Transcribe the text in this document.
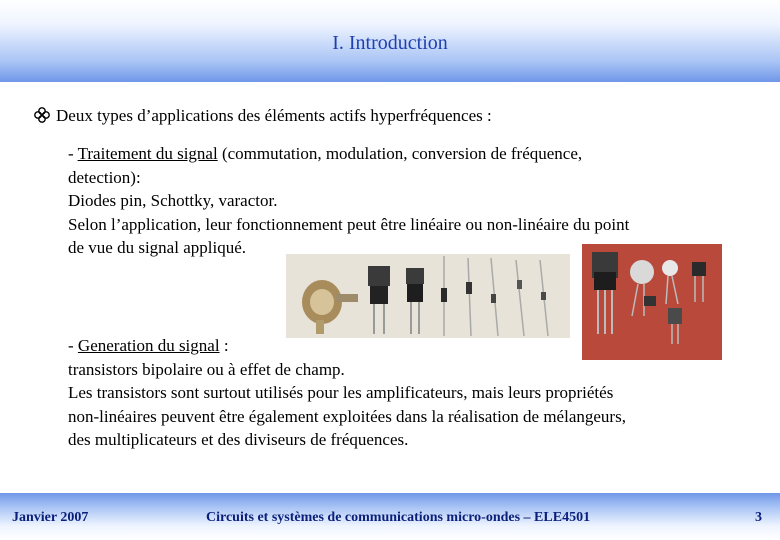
I. Introduction
Deux types d’applications des éléments actifs hyperfréquences :
- Traitement du signal (commutation, modulation, conversion de fréquence,
detection):
Diodes pin, Schottky, varactor.
Selon l’application, leur fonctionnement peut être linéaire ou non-linéaire du point
de vue du signal appliqué.
- Generation du signal :
transistors bipolaire ou à effet de champ.
Les transistors sont surtout utilisés pour les amplificateurs, mais leurs propriétés
non-linéaires peuvent être également exploitées dans la réalisation de mélangeurs,
des multiplicateurs et des diviseurs de fréquences.
Janvier 2007	Circuits et systèmes de communications micro-ondes – ELE4501	3
